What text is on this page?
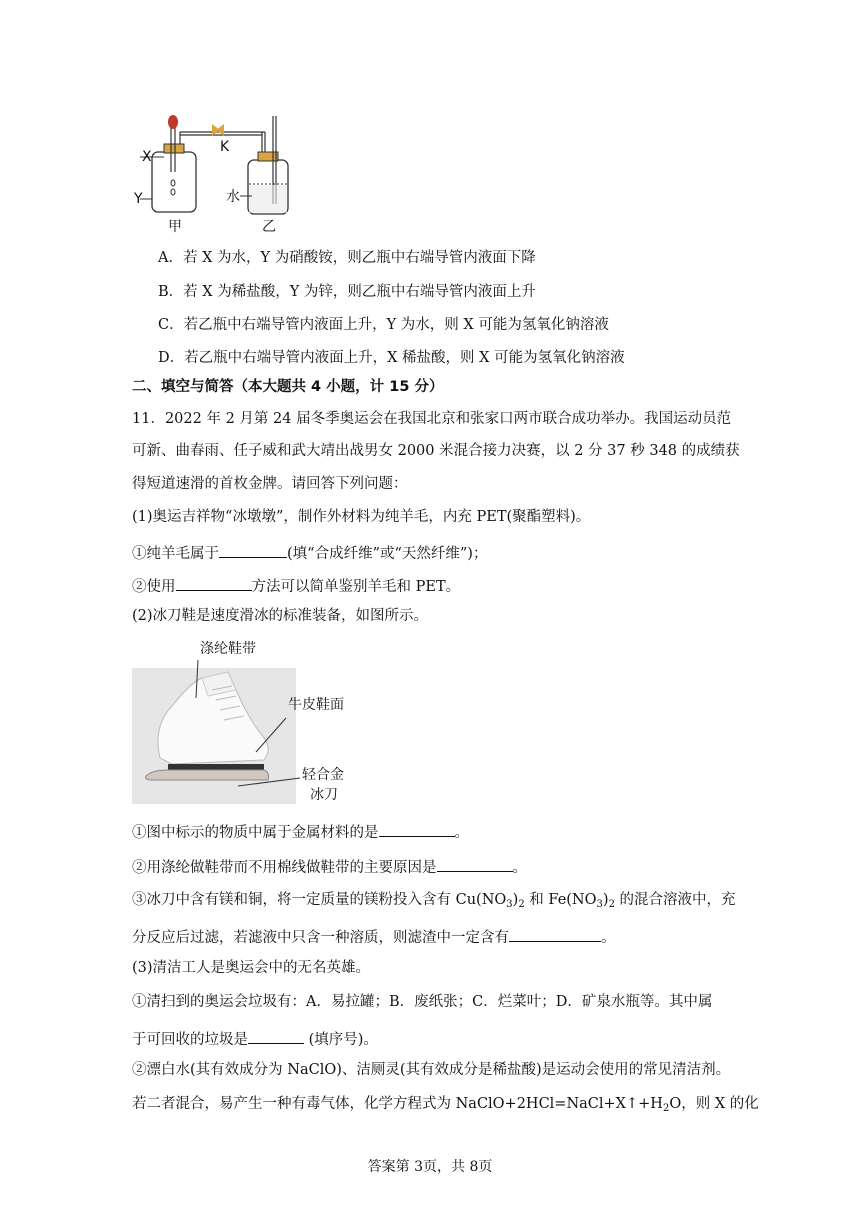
X
Y
K
水
甲	乙
A．若 X 为水，Y 为硝酸铵，则乙瓶中右端导管内液面下降
B．若 X 为稀盐酸，Y 为锌，则乙瓶中右端导管内液面上升
C．若乙瓶中右端导管内液面上升，Y 为水，则 X 可能为氢氧化钠溶液
D．若乙瓶中右端导管内液面上升，X 稀盐酸，则 X 可能为氢氧化钠溶液
二、填空与简答（本大题共 4 小题，计 15 分）
11．2022 年 2 月第 24 届冬季奥运会在我国北京和张家口两市联合成功举办。我国运动员范
可新、曲春雨、任子威和武大靖出战男女 2000 米混合接力决赛，以 2 分 37 秒 348 的成绩获
得短道速滑的首枚金牌。请回答下列问题：
(1)奥运吉祥物“冰墩墩”，制作外材料为纯羊毛，内充 PET(聚酯塑料)。
①纯羊毛属于	(填“合成纤维”或“天然纤维”)；
②使用	方法可以简单鉴别羊毛和 PET。
(2)冰刀鞋是速度滑冰的标准装备，如图所示。
涤纶鞋带
牛皮鞋面
轻合金
冰刀
①图中标示的物质中属于金属材料的是	。
②用涤纶做鞋带而不用棉线做鞋带的主要原因是	。
③冰刀中含有镁和铜，将一定质量的镁粉投入含有 $Cu(NO_3)_2$ 和 $Fe(NO_3)_2$ 的混合溶液中，充
分反应后过滤，若滤液中只含一种溶质，则滤渣中一定含有	。
(3)清洁工人是奥运会中的无名英雄。
①清扫到的奥运会垃圾有：A．易拉罐；B．废纸张；C．烂菜叶；D．矿泉水瓶等。其中属
于可回收的垃圾是	(填序号)。
②漂白水(其有效成分为 NaClO)、洁厕灵(其有效成分是稀盐酸)是运动会使用的常见清洁剂。
若二者混合，易产生一种有毒气体，化学方程式为 $NaClO+2HCl=NaCl+X↑+H_2O$，则 X 的化
答案第 3页，共 8页
